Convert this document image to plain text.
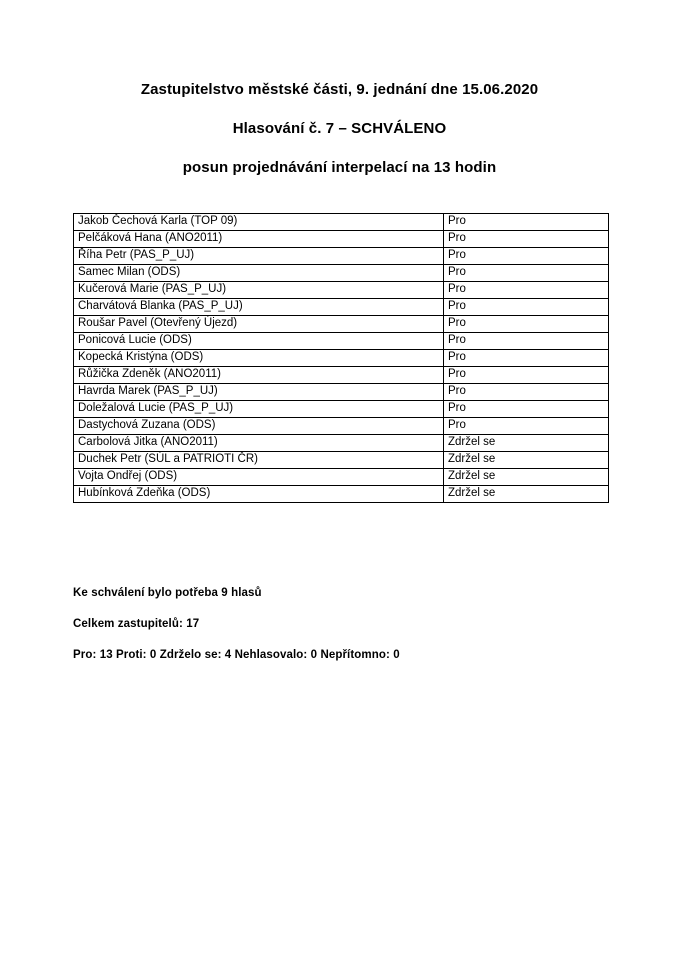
Zastupitelstvo městské části, 9. jednání dne 15.06.2020
Hlasování č. 7 – SCHVÁLENO
posun projednávání interpelací na 13 hodin
Jakob Čechová Karla (TOP 09)	Pro
Pelčáková Hana (ANO2011)	Pro
Říha Petr (PAS_P_UJ)	Pro
Samec Milan (ODS)	Pro
Kučerová Marie (PAS_P_UJ)	Pro
Charvátová Blanka (PAS_P_UJ)	Pro
Roušar Pavel (Otevřený Újezd)	Pro
Ponicová Lucie (ODS)	Pro
Kopecká Kristýna (ODS)	Pro
Růžička Zdeněk (ANO2011)	Pro
Havrda Marek (PAS_P_UJ)	Pro
Doležalová Lucie (PAS_P_UJ)	Pro
Dastychová Zuzana (ODS)	Pro
Carbolová Jitka (ANO2011)	Zdržel se
Duchek Petr (SÚL a PATRIOTI ČR)	Zdržel se
Vojta Ondřej (ODS)	Zdržel se
Hubínková Zdeňka (ODS)	Zdržel se
Ke schválení bylo potřeba 9 hlasů
Celkem zastupitelů: 17
Pro: 13 Proti: 0 Zdrželo se: 4 Nehlasovalo: 0 Nepřítomno: 0
